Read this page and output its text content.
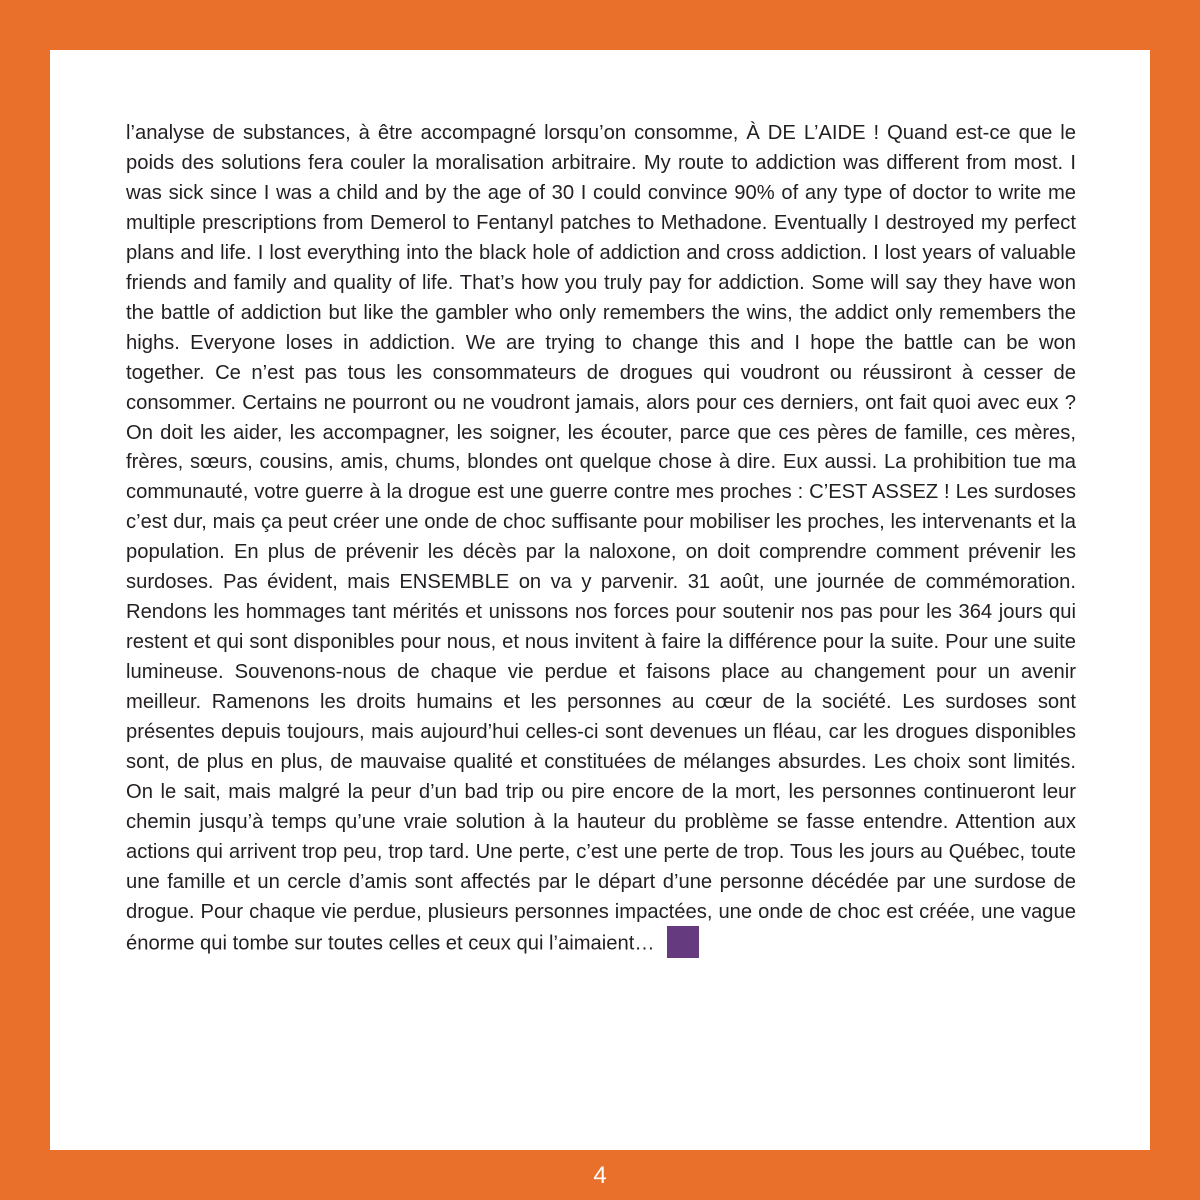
l’analyse de substances, à être accompagné lorsqu’on consomme, À DE L’AIDE ! Quand est-ce que le poids des solutions fera couler la moralisation arbitraire. My route to addiction was different from most. I was sick since I was a child and by the age of 30 I could convince 90% of any type of doctor to write me multiple prescriptions from Demerol to Fentanyl patches to Methadone. Eventually I destroyed my perfect plans and life. I lost everything into the black hole of addiction and cross addiction. I lost years of valuable friends and family and quality of life. That’s how you truly pay for addiction. Some will say they have won the battle of addiction but like the gambler who only remembers the wins, the addict only remembers the highs. Everyone loses in addiction. We are trying to change this and I hope the battle can be won together. Ce n’est pas tous les consommateurs de drogues qui voudront ou réussiront à cesser de consommer. Certains ne pourront ou ne voudront jamais, alors pour ces derniers, ont fait quoi avec eux ? On doit les aider, les accompagner, les soigner, les écouter, parce que ces pères de famille, ces mères, frères, sœurs, cousins, amis, chums, blondes ont quelque chose à dire. Eux aussi. La prohibition tue ma communauté, votre guerre à la drogue est une guerre contre mes proches : C’EST ASSEZ ! Les surdoses c’est dur, mais ça peut créer une onde de choc suffisante pour mobiliser les proches, les intervenants et la population. En plus de prévenir les décès par la naloxone, on doit comprendre comment prévenir les surdoses. Pas évident, mais ENSEMBLE on va y parvenir. 31 août, une journée de commémoration. Rendons les hommages tant mérités et unissons nos forces pour soutenir nos pas pour les 364 jours qui restent et qui sont disponibles pour nous, et nous invitent à faire la différence pour la suite. Pour une suite lumineuse. Souvenons-nous de chaque vie perdue et faisons place au changement pour un avenir meilleur. Ramenons les droits humains et les personnes au cœur de la société. Les surdoses sont présentes depuis toujours, mais aujourd’hui celles-ci sont devenues un fléau, car les drogues disponibles sont, de plus en plus, de mauvaise qualité et constituées de mélanges absurdes. Les choix sont limités. On le sait, mais malgré la peur d’un bad trip ou pire encore de la mort, les personnes continueront leur chemin jusqu’à temps qu’une vraie solution à la hauteur du problème se fasse entendre. Attention aux actions qui arrivent trop peu, trop tard. Une perte, c’est une perte de trop. Tous les jours au Québec, toute une famille et un cercle d’amis sont affectés par le départ d’une personne décédée par une surdose de drogue. Pour chaque vie perdue, plusieurs personnes impactées, une onde de choc est créée, une vague énorme qui tombe sur toutes celles et ceux qui l’aimaient…

4
